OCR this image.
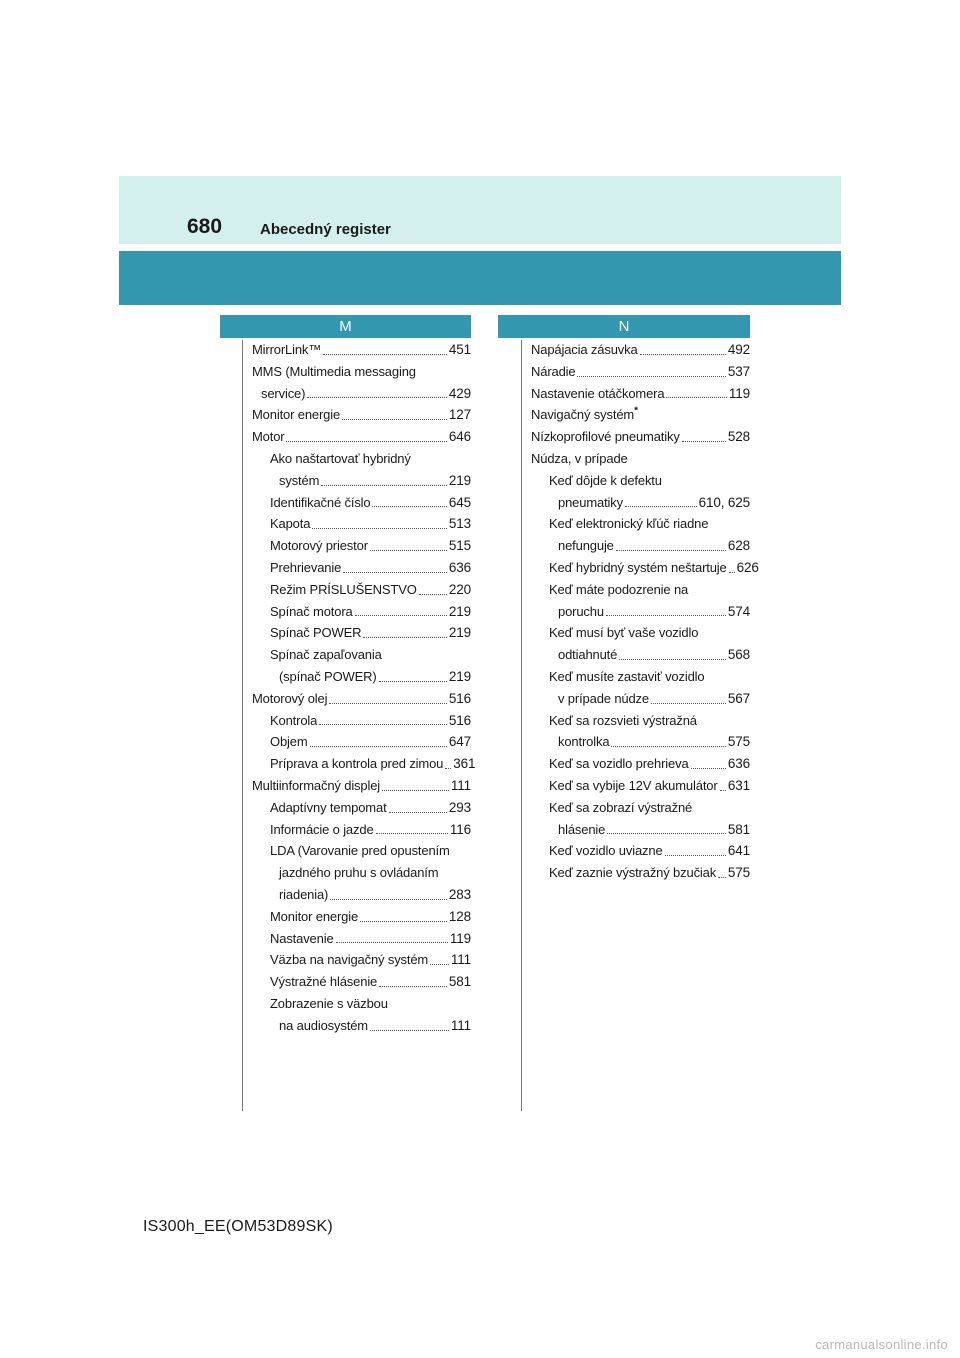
680	Abecedný register
M	N
MirrorLink™	451
MMS (Multimedia messaging
service)	429
Monitor energie	127
Motor	646
Ako naštartovať hybridný
systém	219
Identifikačné číslo	645
Kapota	513
Motorový priestor	515
Prehrievanie	636
Režim PRÍSLUŠENSTVO 220
Spínač motora	219
Spínač POWER	219
Spínač zapaľovania
(spínač POWER)	219
Motorový olej	516
Kontrola	516
Objem	647
Príprava a kontrola pred zimou 361
Multiinformačný displej	111
Adaptívny tempomat	293
Informácie o jazde	116
LDA (Varovanie pred opustením
jazdného pruhu s ovládaním
riadenia)	283
Monitor energie	128
Nastavenie	119
Väzba na navigačný systém 111
Výstražné hlásenie	581
Zobrazenie s väzbou
na audiosystém	111
Napájacia zásuvka	492
Náradie	537
Nastavenie otáčkomera	119
Navigačný systém*
Nízkoprofilové pneumatiky	528
Núdza, v prípade
Keď dôjde k defektu
pneumatiky	610, 625
Keď elektronický kľúč riadne
nefunguje	628
Keď hybridný systém neštartuje 626
Keď máte podozrenie na
poruchu	574
Keď musí byť vaše vozidlo
odtiahnuté	568
Keď musíte zastaviť vozidlo
v prípade núdze	567
Keď sa rozsvieti výstražná
kontrolka	575
Keď sa vozidlo prehrieva	636
Keď sa vybije 12V akumulátor 631
Keď sa zobrazí výstražné
hlásenie	581
Keď vozidlo uviazne	641
Keď zaznie výstražný bzučiak 575
IS300h_EE(OM53D89SK)
carmanualsonline.info
